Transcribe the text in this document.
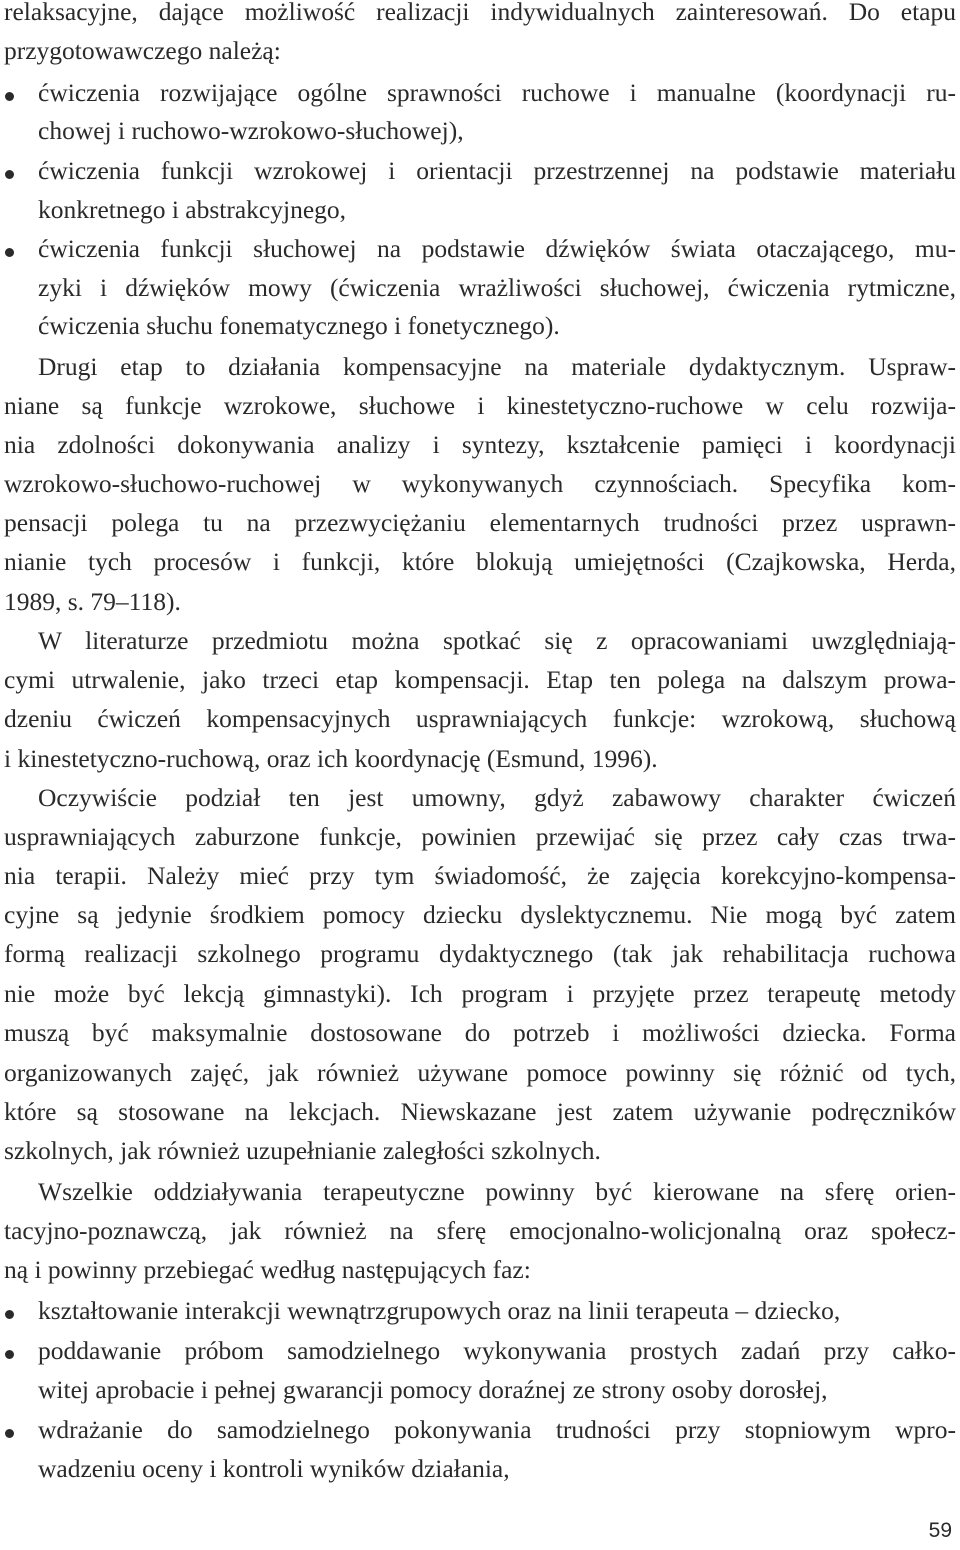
relaksacyjne, dające możliwość realizacji indywidualnych zainteresowań. Do etapu
przygotowawczego należą:
ćwiczenia rozwijające ogólne sprawności ruchowe i manualne (koordynacji ru-
chowej i ruchowo-wzrokowo-słuchowej),
ćwiczenia funkcji wzrokowej i orientacji przestrzennej na podstawie materiału
konkretnego i abstrakcyjnego,
ćwiczenia funkcji słuchowej na podstawie dźwięków świata otaczającego, mu-
zyki i dźwięków mowy (ćwiczenia wrażliwości słuchowej, ćwiczenia rytmiczne,
ćwiczenia słuchu fonematycznego i fonetycznego).
Drugi etap to działania kompensacyjne na materiale dydaktycznym. Uspraw-
niane są funkcje wzrokowe, słuchowe i kinestetyczno-ruchowe w celu rozwija-
nia zdolności dokonywania analizy i syntezy, kształcenie pamięci i koordynacji
wzrokowo-słuchowo-ruchowej w wykonywanych czynnościach. Specyfika kom-
pensacji polega tu na przezwyciężaniu elementarnych trudności przez usprawn-
nianie tych procesów i funkcji, które blokują umiejętności (Czajkowska, Herda,
1989, s. 79–118).
W literaturze przedmiotu można spotkać się z opracowaniami uwzględniają-
cymi utrwalenie, jako trzeci etap kompensacji. Etap ten polega na dalszym prowa-
dzeniu ćwiczeń kompensacyjnych usprawniających funkcje: wzrokową, słuchową
i kinestetyczno-ruchową, oraz ich koordynację (Esmund, 1996).
Oczywiście podział ten jest umowny, gdyż zabawowy charakter ćwiczeń
usprawniających zaburzone funkcje, powinien przewijać się przez cały czas trwa-
nia terapii. Należy mieć przy tym świadomość, że zajęcia korekcyjno-kompensa-
cyjne są jedynie środkiem pomocy dziecku dyslektycznemu. Nie mogą być zatem
formą realizacji szkolnego programu dydaktycznego (tak jak rehabilitacja ruchowa
nie może być lekcją gimnastyki). Ich program i przyjęte przez terapeutę metody
muszą być maksymalnie dostosowane do potrzeb i możliwości dziecka. Forma
organizowanych zajęć, jak również używane pomoce powinny się różnić od tych,
które są stosowane na lekcjach. Niewskazane jest zatem używanie podręczników
szkolnych, jak również uzupełnianie zaległości szkolnych.
Wszelkie oddziaływania terapeutyczne powinny być kierowane na sferę orien-
tacyjno-poznawczą, jak również na sferę emocjonalno-wolicjonalną oraz społecz-
ną i powinny przebiegać według następujących faz:
kształtowanie interakcji wewnątrzgrupowych oraz na linii terapeuta – dziecko,
poddawanie próbom samodzielnego wykonywania prostych zadań przy całko-
witej aprobacie i pełnej gwarancji pomocy doraźnej ze strony osoby dorosłej,
wdrażanie do samodzielnego pokonywania trudności przy stopniowym wpro-
wadzeniu oceny i kontroli wyników działania,
59
